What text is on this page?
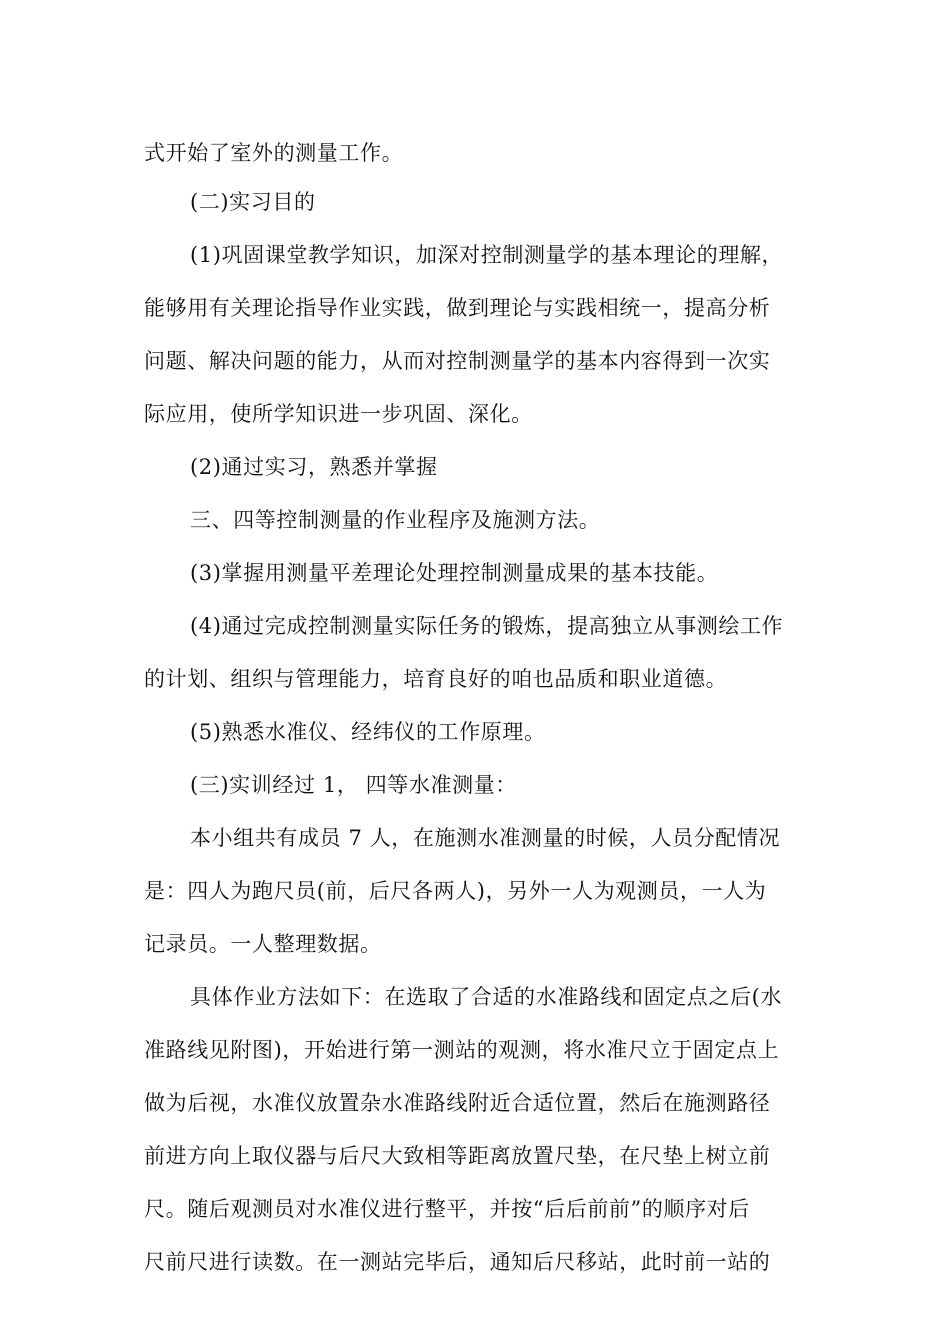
式开始了室外的测量工作。

(二)实习目的

(1)巩固课堂教学知识，加深对控制测量学的基本理论的理解，

能够用有关理论指导作业实践，做到理论与实践相统一，提高分析

问题、解决问题的能力，从而对控制测量学的基本内容得到一次实

际应用，使所学知识进一步巩固、深化。

(2)通过实习，熟悉并掌握

三、四等控制测量的作业程序及施测方法。

(3)掌握用测量平差理论处理控制测量成果的基本技能。

(4)通过完成控制测量实际任务的锻炼，提高独立从事测绘工作

的计划、组织与管理能力，培育良好的咱也品质和职业道德。

(5)熟悉水准仪、经纬仪的工作原理。

(三)实训经过 1， 四等水准测量：

本小组共有成员 7 人，在施测水准测量的时候，人员分配情况

是：四人为跑尺员(前，后尺各两人)，另外一人为观测员，一人为

记录员。一人整理数据。

具体作业方法如下：在选取了合适的水准路线和固定点之后(水

准路线见附图)，开始进行第一测站的观测，将水准尺立于固定点上

做为后视，水准仪放置杂水准路线附近合适位置，然后在施测路径

前进方向上取仪器与后尺大致相等距离放置尺垫，在尺垫上树立前

尺。随后观测员对水准仪进行整平，并按“后后前前”的顺序对后

尺前尺进行读数。在一测站完毕后，通知后尺移站，此时前一站的
